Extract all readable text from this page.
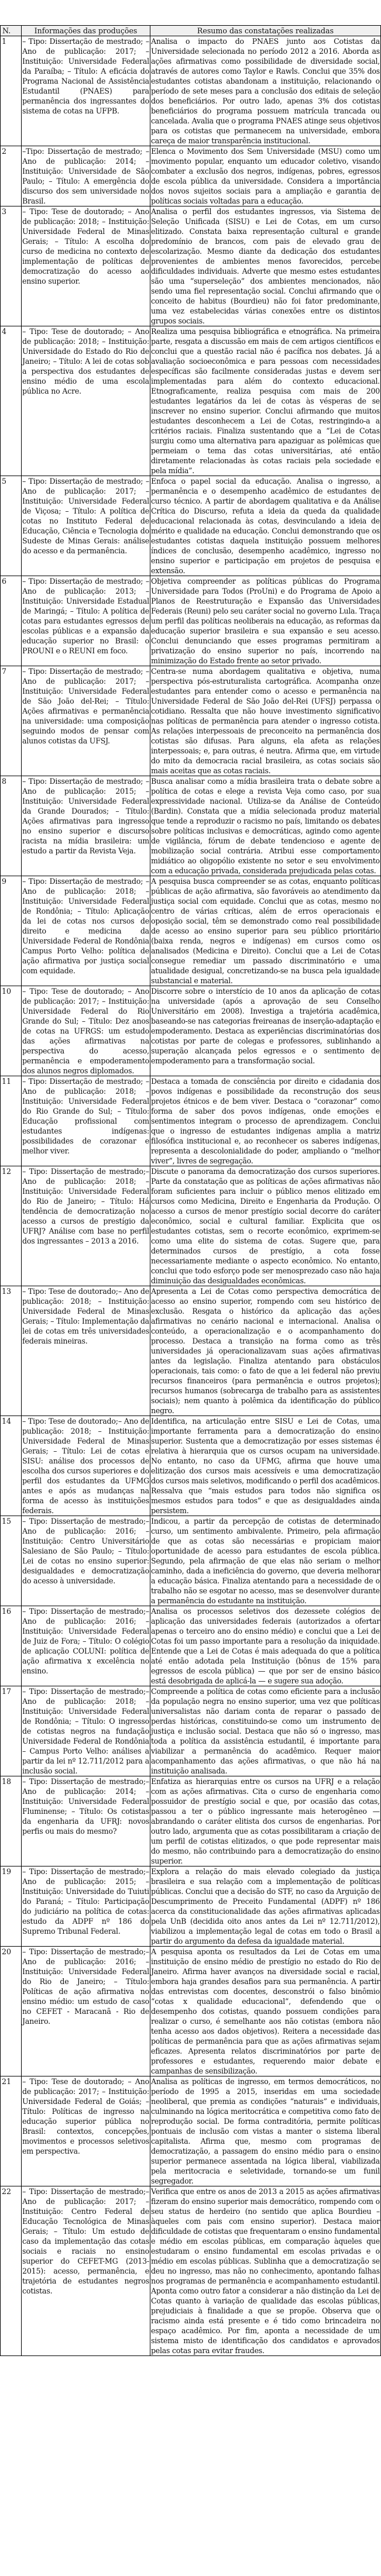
N.	Informações das produções	Resumo das constatações realizadas
1	– Tipo: Dissertação de mestrado; – Ano de publicação: 2017; – Instituição: Universidade Federal da Paraíba; – Título: A eficácia do Programa Nacional de Assistência Estudantil (PNAES) para permanência dos ingressantes do sistema de cotas na UFPB.	Analisa o impacto do PNAES junto aos Cotistas da Universidade selecionada no período 2012 a 2016. Aborda as ações afirmativas como possibilidade de diversidade social, através de autores como Taylor e Rawls. Conclui que 35% dos estudantes cotistas abandonam a instituição, relacionando o período de sete meses para a conclusão dos editais de seleção dos beneficiários. Por outro lado, apenas 3% dos cotistas beneficiários do programa possuem matrícula trancada ou cancelada. Avalia que o programa PNAES atinge seus objetivos para os cotistas que permanecem na universidade, embora careça de maior transparência institucional.
2	–Tipo: Dissertação de mestrado; – Ano de publicação: 2014; – Instituição: Universidade de São Paulo; – Título: A emergência do discurso dos sem universidade no Brasil.	Elenca o Movimento dos Sem Universidade (MSU) como um movimento popular, enquanto um educador coletivo, visando combater a exclusão dos negros, indígenas, pobres, egressos de escola pública da universidade. Considera a importância dos novos sujeitos sociais para a ampliação e garantia de políticas sociais voltadas para a educação.
3	– Tipo: Tese de doutorado; – Ano de publicação: 2018; – Instituição: Universidade Federal de Minas Gerais; – Título: A escolha do curso de medicina no contexto de implementação de políticas de democratização do acesso ao ensino superior.	Analisa o perfil dos estudantes ingressos, via Sistema de Seleção Unificada (SISU) e Lei de Cotas, em um curso elitizado. Constata baixa representação cultural e grande predomínio de brancos, com pais de elevado grau de escolarização. Mesmo diante da dedicação dos estudantes provenientes de ambientes menos favorecidos, percebe dificuldades individuais. Adverte que mesmo estes estudantes são uma “superseleção” dos ambientes mencionados, não sendo uma fiel representação social. Conclui afirmando que o conceito de habitus (Bourdieu) não foi fator predominante, uma vez estabelecidas várias conexões entre os distintos grupos sociais.
4	– Tipo: Tese de doutorado; – Ano de publicação: 2018; – Instituição: Universidade do Estado do Rio de Janeiro; – Título: A lei de cotas sob a perspectiva dos estudantes de ensino médio de uma escola pública no Acre.	Realiza uma pesquisa bibliográfica e etnográfica. Na primeira parte, resgata a discussão em mais de cem artigos científicos e conclui que a questão racial não é pacífica nos debates. Já a avaliação socioeconômica e para pessoas com necessidades específicas são facilmente consideradas justas e devem ser implementadas para além do contexto educacional. Etnograficamente, realiza pesquisa com mais de 200 estudantes legatários da lei de cotas às vésperas de se inscrever no ensino superior. Conclui afirmando que muitos estudantes desconhecem a Lei de Cotas, restringindo-a a critérios raciais. Finaliza sustentando que a “Lei de Cotas surgiu como uma alternativa para apaziguar as polêmicas que permeiam o tema das cotas universitárias, até então diretamente relacionadas às cotas raciais pela sociedade e pela mídia”.
5	– Tipo: Dissertação de mestrado; – Ano de publicação: 2017; – Instituição: Universidade Federal de Viçosa; – Título: A política de cotas no Instituto Federal de Educação, Ciência e Tecnologia do Sudeste de Minas Gerais: análise do acesso e da permanência.	Enfoca o papel social da educação. Analisa o ingresso, a permanência e o desempenho acadêmico de estudantes de curso técnico. A partir de abordagem qualitativa e da Análise Crítica do Discurso, refuta a ideia da queda da qualidade educacional relacionada às cotas, desvinculando a ideia de mérito e qualidade na educação. Conclui demonstrando que os estudantes cotistas daquela instituição possuem melhores índices de conclusão, desempenho acadêmico, ingresso no ensino superior e participação em projetos de pesquisa e extensão.
6	– Tipo: Dissertação de mestrado; – Ano de publicação: 2013; – Instituição: Universidade Estadual de Maringá; – Título: A política de cotas para estudantes egressos de escolas públicas e a expansão da educação superior no Brasil: o PROUNI e o REUNI em foco.	Objetiva compreender as políticas públicas do Programa Universidade para Todos (ProUni) e do Programa de Apoio a Planos de Reestruturação e Expansão das Universidades Federais (Reuni) pelo seu caráter social no governo Lula. Traça um perfil das políticas neoliberais na educação, as reformas da educação superior brasileira e sua expansão e seu acesso. Conclui denunciando que esses programas permitiram a privatização do ensino superior no país, incorrendo na minimização do Estado frente ao setor privado.
7	– Tipo: Dissertação de mestrado; – Ano de publicação: 2017; – Instituição: Universidade Federal de São João del-Rei; – Título: Ações afirmativas e permanência na universidade: uma composição seguindo modos de pensar com alunos cotistas da UFSJ.	Centra-se numa abordagem qualitativa e objetiva, numa perspectiva pós-estruturalista cartográfica. Acompanha onze estudantes para entender como o acesso e permanência na Universidade Federal de São João del-Rei (UFSJ) perpassa o cotidiano. Ressalta que não houve investimento significativo nas políticas de permanência para atender o ingresso cotista. As relações interpessoais de preconceito na permanência dos cotistas são difusas. Para alguns, ela afeta as relações interpessoais; e, para outras, é neutra. Afirma que, em virtude do mito da democracia racial brasileira, as cotas sociais são mais aceitas que as cotas raciais.
8	– Tipo: Dissertação de mestrado; – Ano de publicação: 2015; – Instituição: Universidade Federal da Grande Dourados; – Título: Ações afirmativas para ingresso no ensino superior e discurso racista na mídia brasileira: um estudo a partir da Revista Veja.	Busca analisar como a mídia brasileira trata o debate sobre a política de cotas e elege a revista Veja como caso, por sua expressividade nacional. Utiliza-se da Análise de Conteúdo (Bardin). Constata que a mídia selecionada produz material que tende a reproduzir o racismo no país, limitando os debates sobre políticas inclusivas e democráticas, agindo como agente de vigilância, fórum de debate tendencioso e agente de mobilização social contrária. Atribui esse comportamento midiático ao oligopólio existente no setor e seu envolvimento com a educação privada, considerada prejudicada pelas cotas.
9	– Tipo: Dissertação de mestrado; – Ano de publicação: 2018; – Instituição: Universidade Federal de Rondônia; – Título: Aplicação da lei de cotas nos cursos de direito e medicina da Universidade Federal de Rondônia Campus Porto Velho: política de ação afirmativa por justiça social com equidade.	A pesquisa busca compreender se as cotas, enquanto políticas públicas de ação afirmativa, são favoráveis ao atendimento da justiça social com equidade. Conclui que as cotas, mesmo no centro de várias críticas, além de erros operacionais e oposição social, têm se demonstrado como real possibilidade de acesso ao ensino superior para seu público prioritário (baixa renda, negros e indígenas) em cursos como os analisados (Medicina e Direito). Conclui que a Lei de Cotas consegue remediar um passado discriminatório e uma atualidade desigual, concretizando-se na busca pela igualdade substancial e material.
10	– Tipo: Tese de doutorado; – Ano de publicação: 2017; – Instituição: Universidade Federal do Rio Grande do Sul; – Título: Dez anos de cotas na UFRGS: um estudo das ações afirmativas na perspectiva do acesso, permanência e empoderamento dos alunos negros diplomados.	Discorre sobre o interstício de 10 anos da aplicação de cotas na universidade (após a aprovação de seu Conselho Universitário em 2008). Investiga a trajetória acadêmica, baseando-se nas categorias freireanas de inserção-adaptação e empoderamento. Destaca as experiências discriminatórias dos cotistas por parte de colegas e professores, sublinhando a superação alcançada pelos egressos e o sentimento de empoderamento para a transformação social.
11	– Tipo: Dissertação de mestrado; – Ano de publicação: 2018; – Instituição: Universidade Federal do Rio Grande do Sul; – Título: Educação profissional com estudantes indígenas: possibilidades de corazonar e melhor viver.	Destaca a tomada de consciência por direito e cidadania dos povos indígenas e possibilidade da reconstrução dos seus projetos étnicos e de bem viver. Destaca o “corazonar” como forma de saber dos povos indígenas, onde emoções e sentimentos integram o processo de aprendizagem. Conclui que o ingresso de estudantes indígenas amplia a matriz filosófica institucional e, ao reconhecer os saberes indígenas, representa a descolonialidade do poder, ampliando o “melhor viver”, livres de segregação.
12	– Tipo: Dissertação de mestrado;– Ano de publicação: 2018; – Instituição: Universidade Federal do Rio de Janeiro; – Título: Há tendência de democratização no acesso a cursos de prestígio da UFRJ? Análise com base no perfil dos ingressantes – 2013 a 2016.	Discute o panorama da democratização dos cursos superiores. Parte da constatação que as políticas de ações afirmativas não foram suficientes para incluir o público menos elitizado em cursos como Medicina, Direito e Engenharia da Produção. O acesso a cursos de menor prestígio social decorre do caráter econômico, social e cultural familiar. Explicita que os estudantes cotistas, sem o recorte econômico, exprimem-se como uma elite do sistema de cotas. Sugere que, para determinados cursos de prestígio, a cota fosse necessariamente mediante o aspecto econômico. No entanto, conclui que todo esforço pode ser menosprezado caso não haja diminuição das desigualdades econômicas.
13	– Tipo: Tese de doutorado;– Ano de publicação: 2018; – Instituição: Universidade Federal de Minas Gerais; – Título: Implementação da lei de cotas em três universidades federais mineiras.	Apresenta a Lei de Cotas como perspectiva democrática de acesso ao ensino superior, rompendo com seu histórico de exclusão. Resgata o histórico da aplicação das ações afirmativas no cenário nacional e internacional. Analisa o conteúdo, a operacionalização e o acompanhamento do processo. Destaca a transição na forma como as três universidades já operacionalizavam suas ações afirmativas antes da legislação. Finaliza atentando para obstáculos operacionais, tais como: o fato de que a lei federal não previu recursos financeiros (para permanência e outros projetos); recursos humanos (sobrecarga de trabalho para as assistentes sociais); nem quanto à polêmica da identificação do público negro.
14	– Tipo: Tese de doutorado;– Ano de publicação: 2018; – Instituição: Universidade Federal de Minas Gerais; – Título: Lei de cotas e SISU: análise dos processos de escolha dos cursos superiores e do perfil dos estudantes da UFMG antes e após as mudanças na forma de acesso às instituições federais.	Identifica, na articulação entre SISU e Lei de Cotas, uma importante ferramenta para a democratização do ensino superior. Sustenta que a democratização por esses sistemas é relativa à hierarquia que os cursos ocupam na universidade. No entanto, no caso da UFMG, afirma que houve uma elitização dos cursos mais acessíveis e uma democratização dos cursos mais seletivos, modificando o perfil dos acadêmicos. Ressalva que “mais estudos para todos não significa os mesmos estudos para todos” e que as desigualdades ainda persistem.
15	– Tipo: Dissertação de mestrado;– Ano de publicação: 2016; – Instituição: Centro Universitário Salesiano de São Paulo; – Título: Lei de cotas no ensino superior: desigualdades e democratização do acesso à universidade.	Indicou, a partir da percepção de cotistas de determinado curso, um sentimento ambivalente. Primeiro, pela afirmação de que as cotas são necessárias e propiciam maior oportunidade de acesso para estudantes de escola pública. Segundo, pela afirmação de que elas não seriam o melhor caminho, dada a ineficiência do governo, que deveria melhorar a educação básica. Finaliza atentando para a necessidade de o trabalho não se esgotar no acesso, mas se desenvolver durante a permanência do estudante na instituição.
16	– Tipo: Dissertação de mestrado;– Ano de publicação: 2016; – Instituição: Universidade Federal de Juiz de Fora; – Título: O colégio de aplicação COLUNI: política de ação afirmativa x excelência no ensino.	Analisa os processos seletivos dos dezessete colégios de aplicação das universidades federais (autorizados a ofertar apenas o terceiro ano do ensino médio) e conclui que a Lei de Cotas foi um passo importante para a resolução da iniquidade. Entende que a Lei de Cotas é mais adequada do que a política até então adotada pela Instituição (bônus de 15% para egressos de escola pública) — que por ser de ensino básico está desobrigada de aplicá-la — e sugere sua adoção.
17	– Tipo: Dissertação de mestrado;– Ano de publicação: 2018; – Instituição: Universidade Federal de Rondônia; – Título: O ingresso de cotistas negros na fundação Universidade Federal de Rondônia – Campus Porto Velho: análises a partir da lei nº 12.711/2012 para a inclusão social.	Compreende a política de cotas como eficiente para a inclusão da população negra no ensino superior, uma vez que políticas universalistas não dariam conta de reparar o passado de perdas históricas, constituindo-se como um instrumento de justiça e inclusão social. Destaca que não só o ingresso, mas toda a política da assistência estudantil, é importante para viabilizar a permanência do acadêmico. Requer maior acompanhamento das ações afirmativas, o que não há na instituição analisada.
18	– Tipo: Dissertação de mestrado;– Ano de publicação: 2014; – Instituição: Universidade Federal Fluminense; – Título: Os cotistas da engenharia da UFRJ: novos perfis ou mais do mesmo?	Enfatiza as hierarquias entre os cursos na UFRJ e a relação com as ações afirmativas. Cita o curso de engenharia como possuidor de prestígio social e que, por ocasião das cotas, passou a ter o público ingressante mais heterogêneo — abrandando o caráter elitista dos cursos de engenharias. Por outro lado, argumenta que as cotas possibilitaram a criação de um perfil de cotistas elitizados, o que pode representar mais do mesmo, não contribuindo para a democratização do ensino superior.
19	– Tipo: Dissertação de mestrado;– Ano de publicação: 2015; – Instituição: Universidade do Tuiuti do Paraná; – Título: Participação do judiciário na política de cotas: estudo da ADPF nº 186 do Supremo Tribunal Federal.	Explora a relação do mais elevado colegiado da justiça brasileira e sua relação com a implementação de políticas públicas. Conclui que a decisão do STF, no caso da Arguição de Descumprimento de Preceito Fundamental (ADPF) nº 186 acerca da constitucionalidade das ações afirmativas aplicadas pela UnB (decidida oito anos antes da Lei nº 12.711/2012), viabilizou a implementação legal de cotas em todo o Brasil a partir do argumento da defesa da igualdade material.
20	– Tipo: Dissertação de mestrado;– Ano de publicação: 2016; – Instituição: Universidade Federal do Rio de Janeiro; – Título: Políticas de ação afirmativa no ensino médio: um estudo de caso no CEFET - Maracanã - Rio de Janeiro.	A pesquisa aponta os resultados da Lei de Cotas em uma instituição de ensino médio de prestígio no estado do Rio de Janeiro. Afirma haver avanços na diversidade social e racial, embora haja grandes desafios para sua permanência. A partir das entrevistas com docentes, desconstrói o falso binômio “cotas x qualidade educacional”, defendendo que o desempenho dos cotistas, quando possuem condições para realizar o curso, é semelhante aos não cotistas (embora não tenha acesso aos dados objetivos). Reitera a necessidade das políticas de permanência para que as ações afirmativas sejam eficazes. Apresenta relatos discriminatórios por parte de professores e estudantes, requerendo maior debate e campanhas de sensibilização.
21	– Tipo: Tese de doutorado; – Ano de publicação: 2017; – Instituição: Universidade Federal de Goiás; – Título: Políticas de ingresso na educação superior pública no Brasil: contextos, concepções, movimentos e processos seletivos em perspectiva.	Analisa as políticas de ingresso, em termos democráticos, no período de 1995 a 2015, inseridas em uma sociedade neoliberal, que premia as condições “naturais” e individuais, culminando na lógica meritocrática e competitiva como fato de reprodução social. De forma contraditória, permite políticas pontuais de inclusão com vistas a manter o sistema liberal capitalista. Afirma que, mesmo com programas de democratização, a passagem do ensino médio para o ensino superior permanece assentada na lógica liberal, viabilizada pela meritocracia e seletividade, tornando-se um funil segregador.
22	– Tipo: Dissertação de mestrado;– Ano de publicação: 2017; – Instituição: Centro Federal de Educação Tecnológica de Minas Gerais; – Título: Um estudo de caso da implementação das cotas sociais e raciais no ensino superior do CEFET-MG (2013-2015): acesso, permanência, e trajetória de estudantes negros cotistas.	Verifica que entre os anos de 2013 a 2015 as ações afirmativas fizeram do ensino superior mais democrático, rompendo com o seu status de herdeiro (no sentido que aplica Bourdieu – àqueles com pais com ensino superior). Destaca maior dificuldade de cotistas que frequentaram o ensino fundamental e médio em escolas públicas, em comparação àqueles que estudaram o ensino fundamental em escolas privadas e o médio em escolas públicas. Sublinha que a democratização se deu no ingresso, mas não no conhecimento, apontando falhas nos programas de permanência e acompanhamento estudantil. Aponta como outro fator a considerar a não distinção da Lei de Cotas quanto à variação de qualidade das escolas públicas, prejudiciais à finalidade a que se propõe. Observa que o racismo ainda está presente e é tido como brincadeira no espaço acadêmico. Por fim, aponta a necessidade de um sistema misto de identificação dos candidatos e aprovados pelas cotas para evitar fraudes.
